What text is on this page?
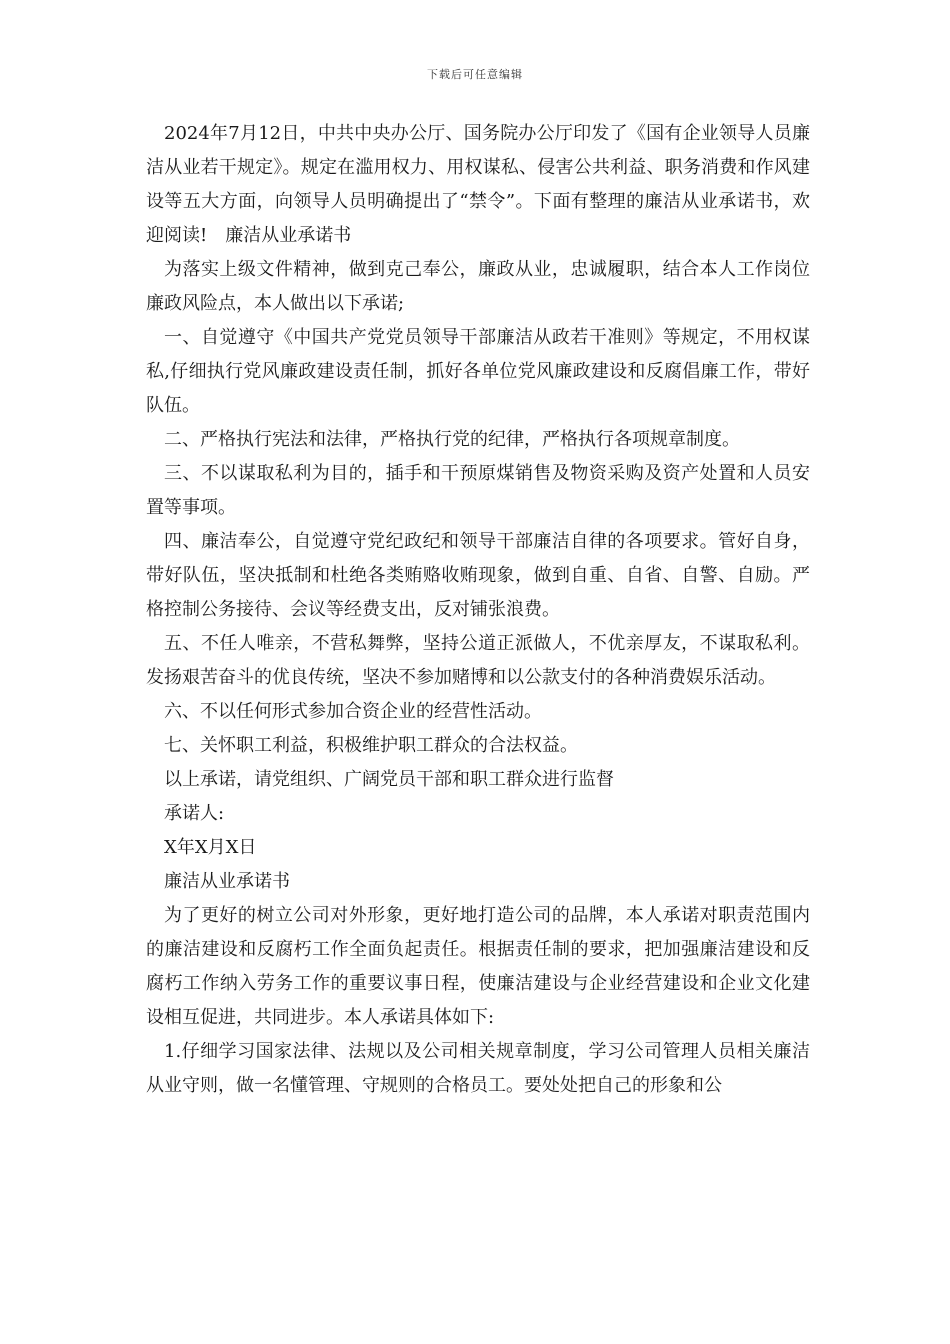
下载后可任意编辑

2024年7月12日，中共中央办公厅、国务院办公厅印发了《国有企业领导人员廉洁从业若干规定》。规定在滥用权力、用权谋私、侵害公共利益、职务消费和作风建设等五大方面，向领导人员明确提出了“禁令”。下面有整理的廉洁从业承诺书，欢迎阅读!　廉洁从业承诺书

为落实上级文件精神，做到克己奉公，廉政从业，忠诚履职，结合本人工作岗位廉政风险点，本人做出以下承诺;

一、自觉遵守《中国共产党党员领导干部廉洁从政若干准则》等规定，不用权谋私,仔细执行党风廉政建设责任制，抓好各单位党风廉政建设和反腐倡廉工作，带好队伍。

二、严格执行宪法和法律，严格执行党的纪律，严格执行各项规章制度。

三、不以谋取私利为目的，插手和干预原煤销售及物资采购及资产处置和人员安置等事项。

四、廉洁奉公，自觉遵守党纪政纪和领导干部廉洁自律的各项要求。管好自身，带好队伍，坚决抵制和杜绝各类贿赂收贿现象，做到自重、自省、自警、自励。严格控制公务接待、会议等经费支出，反对铺张浪费。

五、不任人唯亲，不营私舞弊，坚持公道正派做人，不优亲厚友，不谋取私利。发扬艰苦奋斗的优良传统，坚决不参加赌博和以公款支付的各种消费娱乐活动。

六、不以任何形式参加合资企业的经营性活动。

七、关怀职工利益，积极维护职工群众的合法权益。

以上承诺，请党组织、广阔党员干部和职工群众进行监督

承诺人:

X年X月X日

廉洁从业承诺书

为了更好的树立公司对外形象，更好地打造公司的品牌，本人承诺对职责范围内的廉洁建设和反腐朽工作全面负起责任。根据责任制的要求，把加强廉洁建设和反腐朽工作纳入劳务工作的重要议事日程，使廉洁建设与企业经营建设和企业文化建设相互促进，共同进步。本人承诺具体如下:

1.仔细学习国家法律、法规以及公司相关规章制度，学习公司管理人员相关廉洁从业守则，做一名懂管理、守规则的合格员工。要处处把自己的形象和公
